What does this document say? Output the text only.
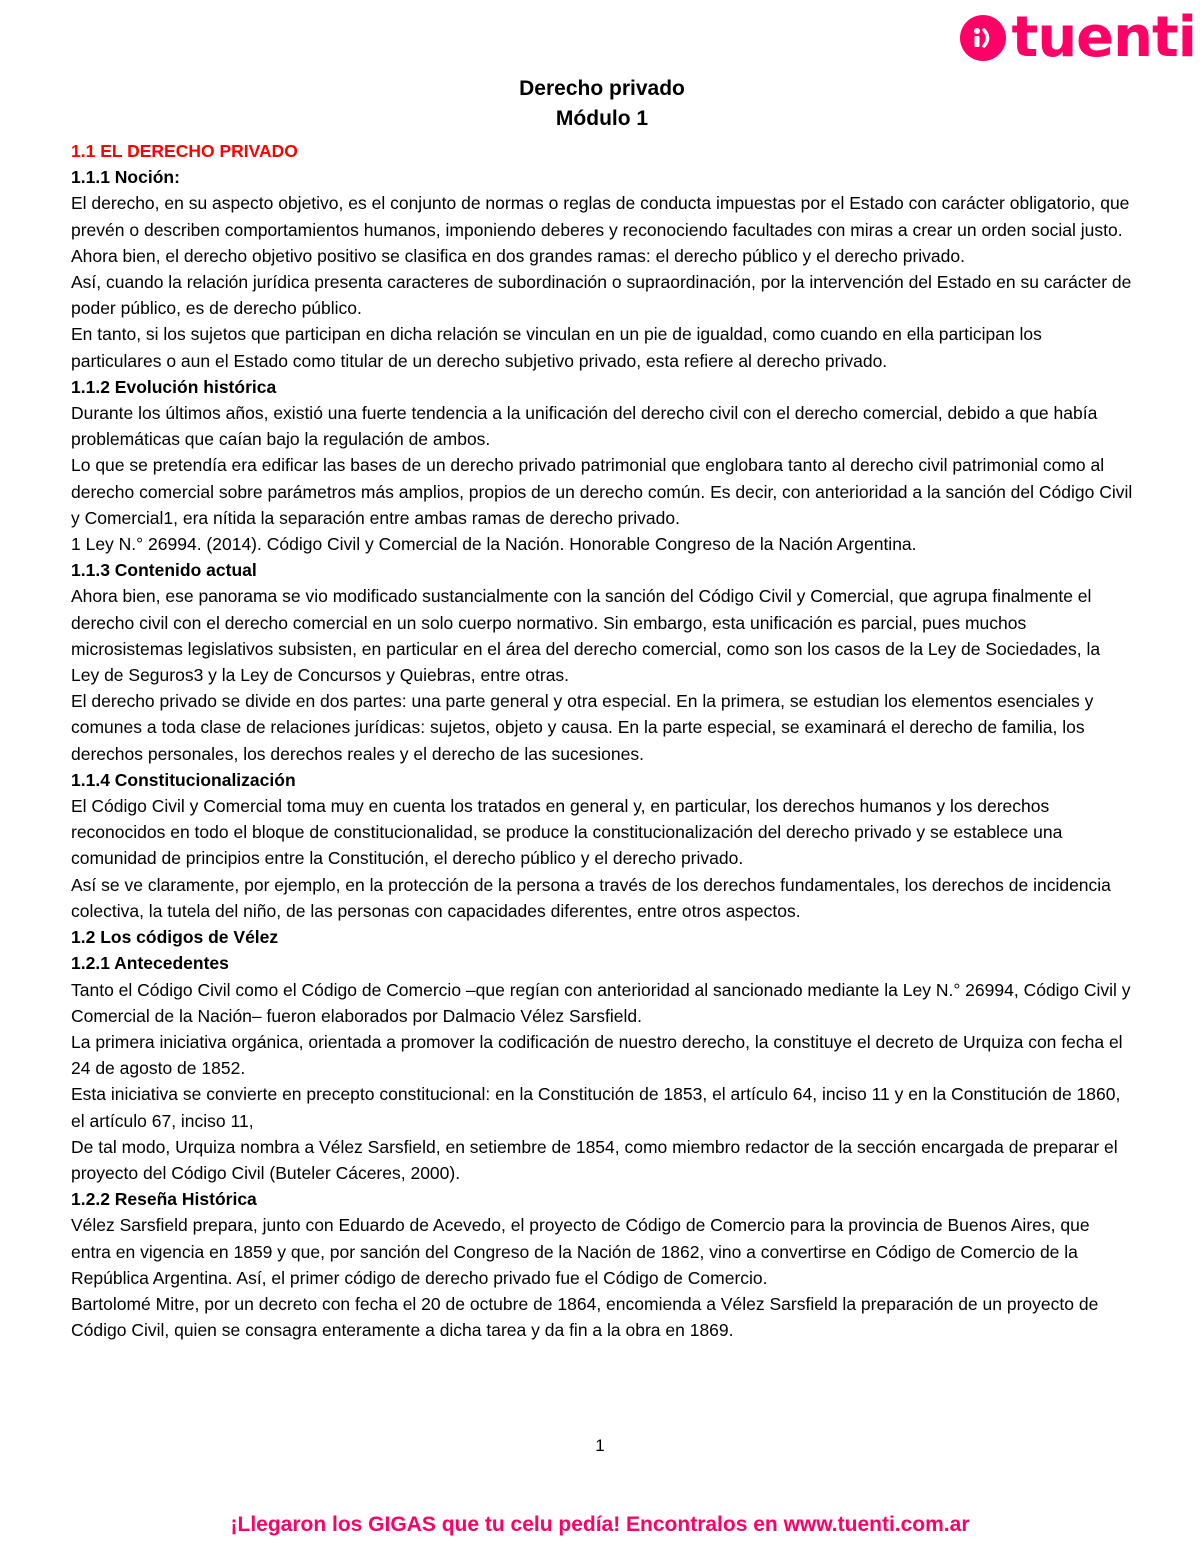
tuenti
Derecho privado
Módulo 1
1.1 EL DERECHO PRIVADO
1.1.1 Noción:

El derecho, en su aspecto objetivo, es el conjunto de normas o reglas de conducta impuestas por el Estado con carácter obligatorio, que prevén o describen comportamientos humanos, imponiendo deberes y reconociendo facultades con miras a crear un orden social justo.

Ahora bien, el derecho objetivo positivo se clasifica en dos grandes ramas: el derecho público y el derecho privado.

Así, cuando la relación jurídica presenta caracteres de subordinación o supraordinación, por la intervención del Estado en su carácter de poder público, es de derecho público.

En tanto, si los sujetos que participan en dicha relación se vinculan en un pie de igualdad, como cuando en ella participan los particulares o aun el Estado como titular de un derecho subjetivo privado, esta refiere al derecho privado.

1.1.2 Evolución histórica

Durante los últimos años, existió una fuerte tendencia a la unificación del derecho civil con el derecho comercial, debido a que había problemáticas que caían bajo la regulación de ambos.

Lo que se pretendía era edificar las bases de un derecho privado patrimonial que englobara tanto al derecho civil patrimonial como al derecho comercial sobre parámetros más amplios, propios de un derecho común. Es decir, con anterioridad a la sanción del Código Civil y Comercial1, era nítida la separación entre ambas ramas de derecho privado.

1 Ley N.° 26994. (2014). Código Civil y Comercial de la Nación. Honorable Congreso de la Nación Argentina.

1.1.3 Contenido actual

Ahora bien, ese panorama se vio modificado sustancialmente con la sanción del Código Civil y Comercial, que agrupa finalmente el derecho civil con el derecho comercial en un solo cuerpo normativo. Sin embargo, esta unificación es parcial, pues muchos microsistemas legislativos subsisten, en particular en el área del derecho comercial, como son los casos de la Ley de Sociedades, la Ley de Seguros3 y la Ley de Concursos y Quiebras, entre otras.

El derecho privado se divide en dos partes: una parte general y otra especial. En la primera, se estudian los elementos esenciales y comunes a toda clase de relaciones jurídicas: sujetos, objeto y causa. En la parte especial, se examinará el derecho de familia, los derechos personales, los derechos reales y el derecho de las sucesiones.

1.1.4 Constitucionalización

El Código Civil y Comercial toma muy en cuenta los tratados en general y, en particular, los derechos humanos y los derechos reconocidos en todo el bloque de constitucionalidad, se produce la constitucionalización del derecho privado y se establece una comunidad de principios entre la Constitución, el derecho público y el derecho privado.

Así se ve claramente, por ejemplo, en la protección de la persona a través de los derechos fundamentales, los derechos de incidencia colectiva, la tutela del niño, de las personas con capacidades diferentes, entre otros aspectos.

1.2 Los códigos de Vélez
1.2.1 Antecedentes

Tanto el Código Civil como el Código de Comercio –que regían con anterioridad al sancionado mediante la Ley N.° 26994, Código Civil y Comercial de la Nación– fueron elaborados por Dalmacio Vélez Sarsfield.

La primera iniciativa orgánica, orientada a promover la codificación de nuestro derecho, la constituye el decreto de Urquiza con fecha el 24 de agosto de 1852.

Esta iniciativa se convierte en precepto constitucional: en la Constitución de 1853, el artículo 64, inciso 11 y en la Constitución de 1860, el artículo 67, inciso 11,

De tal modo, Urquiza nombra a Vélez Sarsfield, en setiembre de 1854, como miembro redactor de la sección encargada de preparar el proyecto del Código Civil (Buteler Cáceres, 2000).

1.2.2 Reseña Histórica

Vélez Sarsfield prepara, junto con Eduardo de Acevedo, el proyecto de Código de Comercio para la provincia de Buenos Aires, que entra en vigencia en 1859 y que, por sanción del Congreso de la Nación de 1862, vino a convertirse en Código de Comercio de la República Argentina. Así, el primer código de derecho privado fue el Código de Comercio.

Bartolomé Mitre, por un decreto con fecha el 20 de octubre de 1864, encomienda a Vélez Sarsfield la preparación de un proyecto de Código Civil, quien se consagra enteramente a dicha tarea y da fin a la obra en 1869.

1
¡Llegaron los GIGAS que tu celu pedía! Encontralos en www.tuenti.com.ar
